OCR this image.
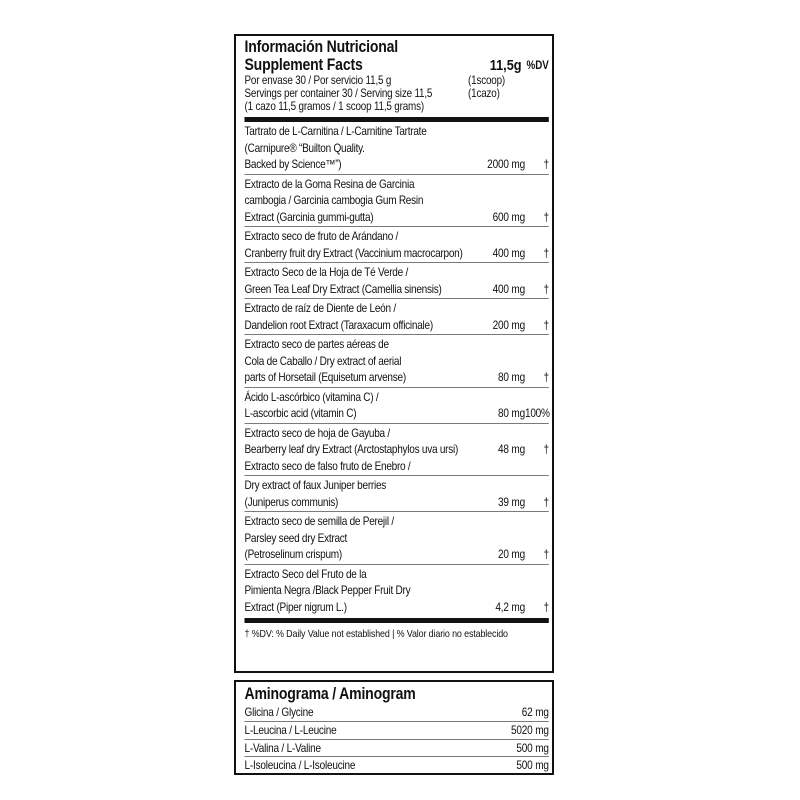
Información Nutricional
Supplement Facts	11,5g %DV
Por envase 30 / Por servicio 11,5 g	(1scoop)
Servings per container 30 / Serving size 11,5	(1cazo)
(1 cazo 11,5 gramos / 1 scoop 11,5 grams)
Tartrato de L-Carnitina / L-Carnitine Tartrate
(Carnipure® “Builton Quality.
Backed by Science™”)	2000 mg	†
Extracto de la Goma Resina de Garcinia
cambogia / Garcinia cambogia Gum Resin
Extract (Garcinia gummi-gutta)	600 mg	†
Extracto seco de fruto de Arándano /
Cranberry fruit dry Extract (Vaccinium macrocarpon)	400 mg	†
Extracto Seco de la Hoja de Té Verde /
Green Tea Leaf Dry Extract (Camellia sinensis)	400 mg	†
Extracto de raíz de Diente de León /
Dandelion root Extract (Taraxacum officinale)	200 mg	†
Extracto seco de partes aéreas de
Cola de Caballo / Dry extract of aerial
parts of Horsetail (Equisetum arvense)	80 mg	†
Ácido L-ascórbico (vitamina C) /
L-ascorbic acid (vitamin C)	80 mg 100%
Extracto seco de hoja de Gayuba /
Bearberry leaf dry Extract (Arctostaphylos uva ursi)	48 mg	†
Extracto seco de falso fruto de Enebro /
Dry extract of faux Juniper berries
(Juniperus communis)	39 mg	†
Extracto seco de semilla de Perejil /
Parsley seed dry Extract
(Petroselinum crispum)	20 mg	†
Extracto Seco del Fruto de la
Pimienta Negra /Black Pepper Fruit Dry
Extract (Piper nigrum L.)	4,2 mg	†
† %DV: % Daily Value not established | % Valor diario no establecido
Aminograma / Aminogram
Glicina / Glycine	62 mg
L-Leucina / L-Leucine	5020 mg
L-Valina / L-Valine	500 mg
L-Isoleucina / L-Isoleucine	500 mg
